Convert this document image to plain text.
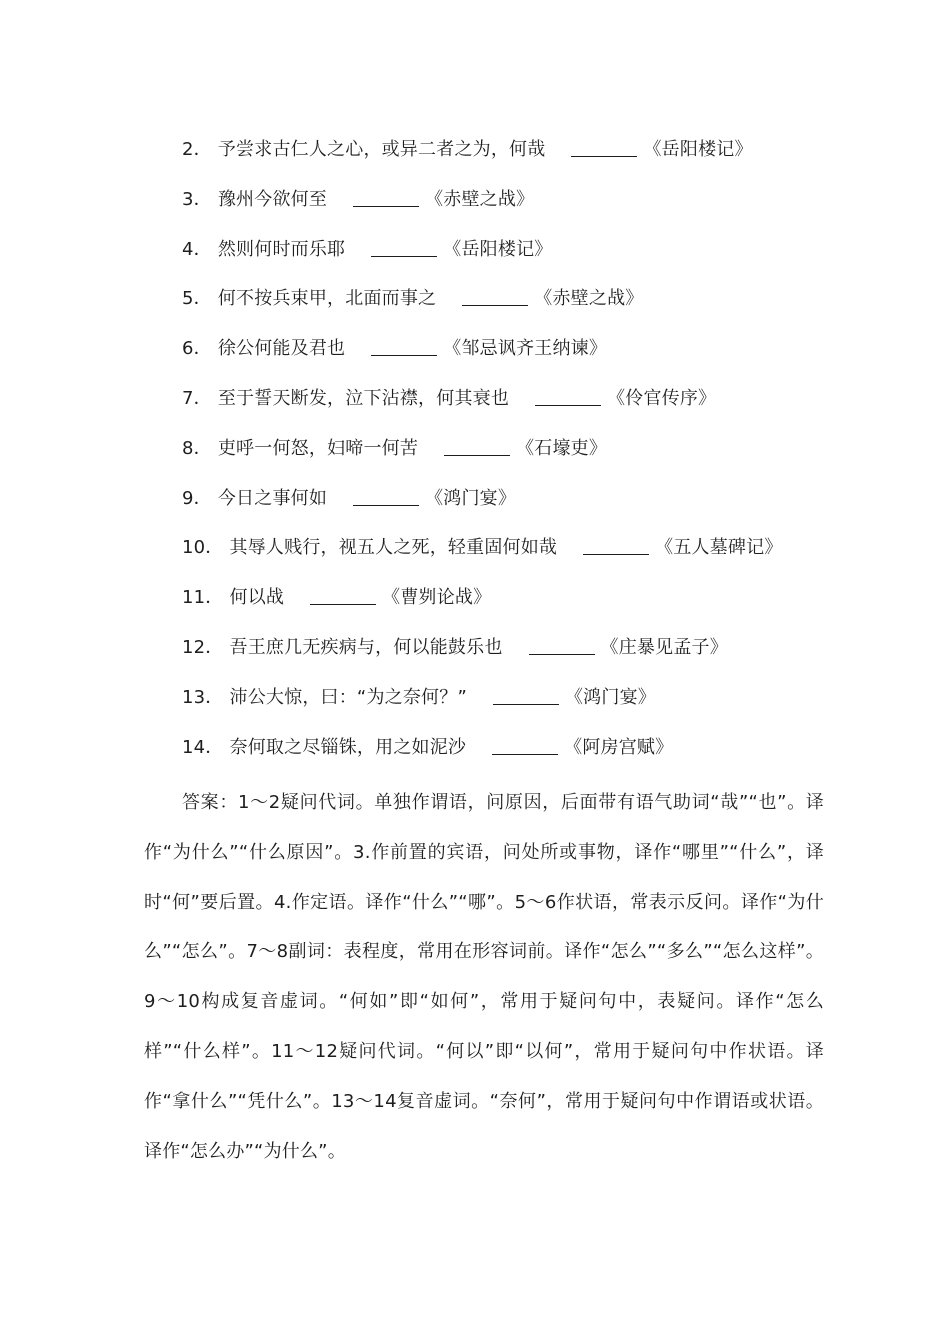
2． 予尝求古仁人之心，或异二者之为，何哉	《岳阳楼记》
3． 豫州今欲何至	《赤壁之战》
4． 然则何时而乐耶	《岳阳楼记》
5． 何不按兵束甲，北面而事之	《赤壁之战》
6． 徐公何能及君也	《邹忌讽齐王纳谏》
7． 至于誓天断发，泣下沾襟，何其衰也	《伶官传序》
8． 吏呼一何怒，妇啼一何苦	《石壕吏》
9． 今日之事何如	《鸿门宴》
10． 其辱人贱行，视五人之死，轻重固何如哉	《五人墓碑记》
11． 何以战	《曹刿论战》
12． 吾王庶几无疾病与，何以能鼓乐也	《庄暴见孟子》
13． 沛公大惊，曰：“为之奈何？”	《鸿门宴》
14． 奈何取之尽锱铢，用之如泥沙	《阿房宫赋》

答案：1～2疑问代词。单独作谓语，问原因，后面带有语气助词“哉”“也”。译作“为什么”“什么原因”。3.作前置的宾语，问处所或事物，译作“哪里”“什么”，译时“何”要后置。4.作定语。译作“什么”“哪”。5～6作状语，常表示反问。译作“为什么”“怎么”。7～8副词：表程度，常用在形容词前。译作“怎么”“多么”“怎么这样”。9～10构成复音虚词。“何如”即“如何”，常用于疑问句中，表疑问。译作“怎么样”“什么样”。11～12疑问代词。“何以”即“以何”，常用于疑问句中作状语。译作“拿什么”“凭什么”。13～14复音虚词。“奈何”，常用于疑问句中作谓语或状语。译作“怎么办”“为什么”。
